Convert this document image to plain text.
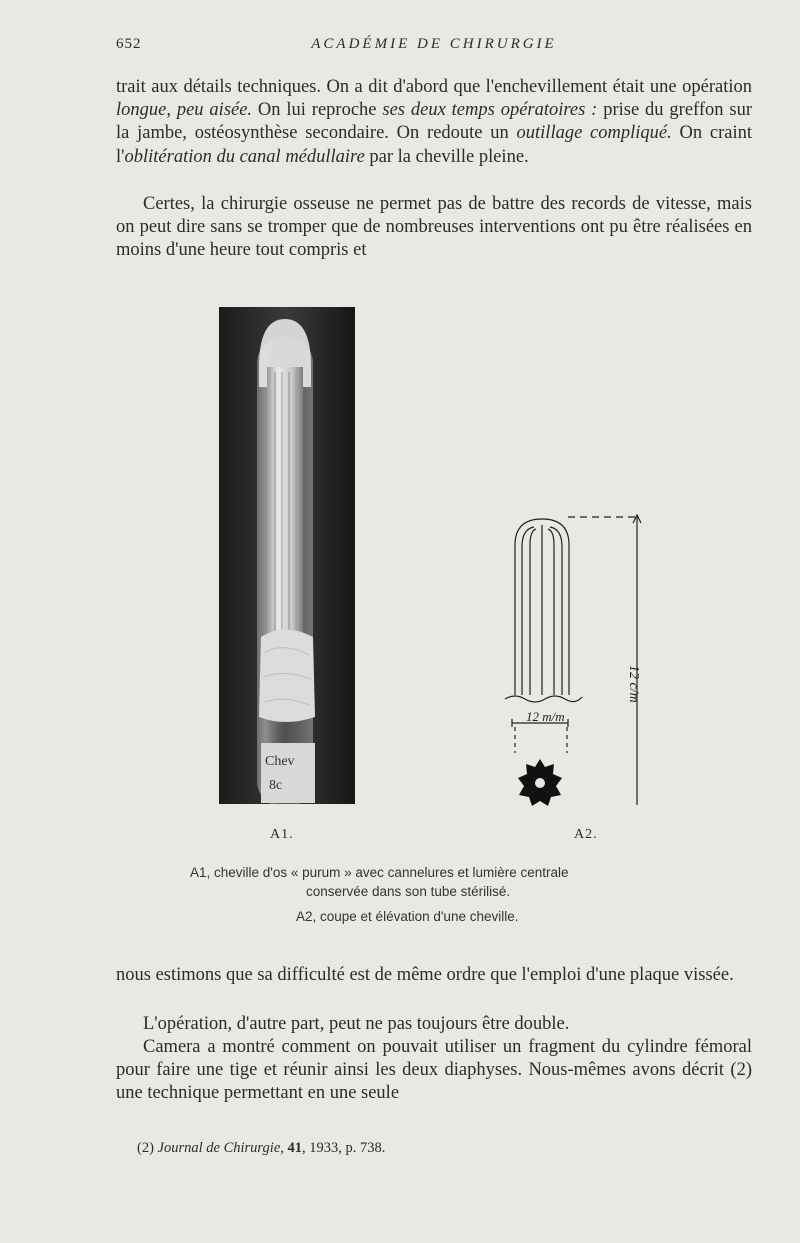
652	ACADÉMIE DE CHIRURGIE

trait aux détails techniques. On a dit d'abord que l'enchevillement était une opération longue, peu aisée. On lui reproche ses deux temps opératoires : prise du greffon sur la jambe, ostéosynthèse secondaire. On redoute un outillage compliqué. On craint l'oblitération du canal médullaire par la cheville pleine.

Certes, la chirurgie osseuse ne permet pas de battre des records de vitesse, mais on peut dire sans se tromper que de nombreuses interventions ont pu être réalisées en moins d'une heure tout compris et

Chev
8c
12 m/m
12 c/m
A1.	A2.
A1, cheville d'os « purum » avec cannelures et lumière centrale
conservée dans son tube stérilisé.
A2, coupe et élévation d'une cheville.

nous estimons que sa difficulté est de même ordre que l'emploi d'une plaque vissée.

L'opération, d'autre part, peut ne pas toujours être double.

Camera a montré comment on pouvait utiliser un fragment du cylindre fémoral pour faire une tige et réunir ainsi les deux diaphyses. Nous-mêmes avons décrit (2) une technique permettant en une seule

(2) Journal de Chirurgie, 41, 1933, p. 738.
